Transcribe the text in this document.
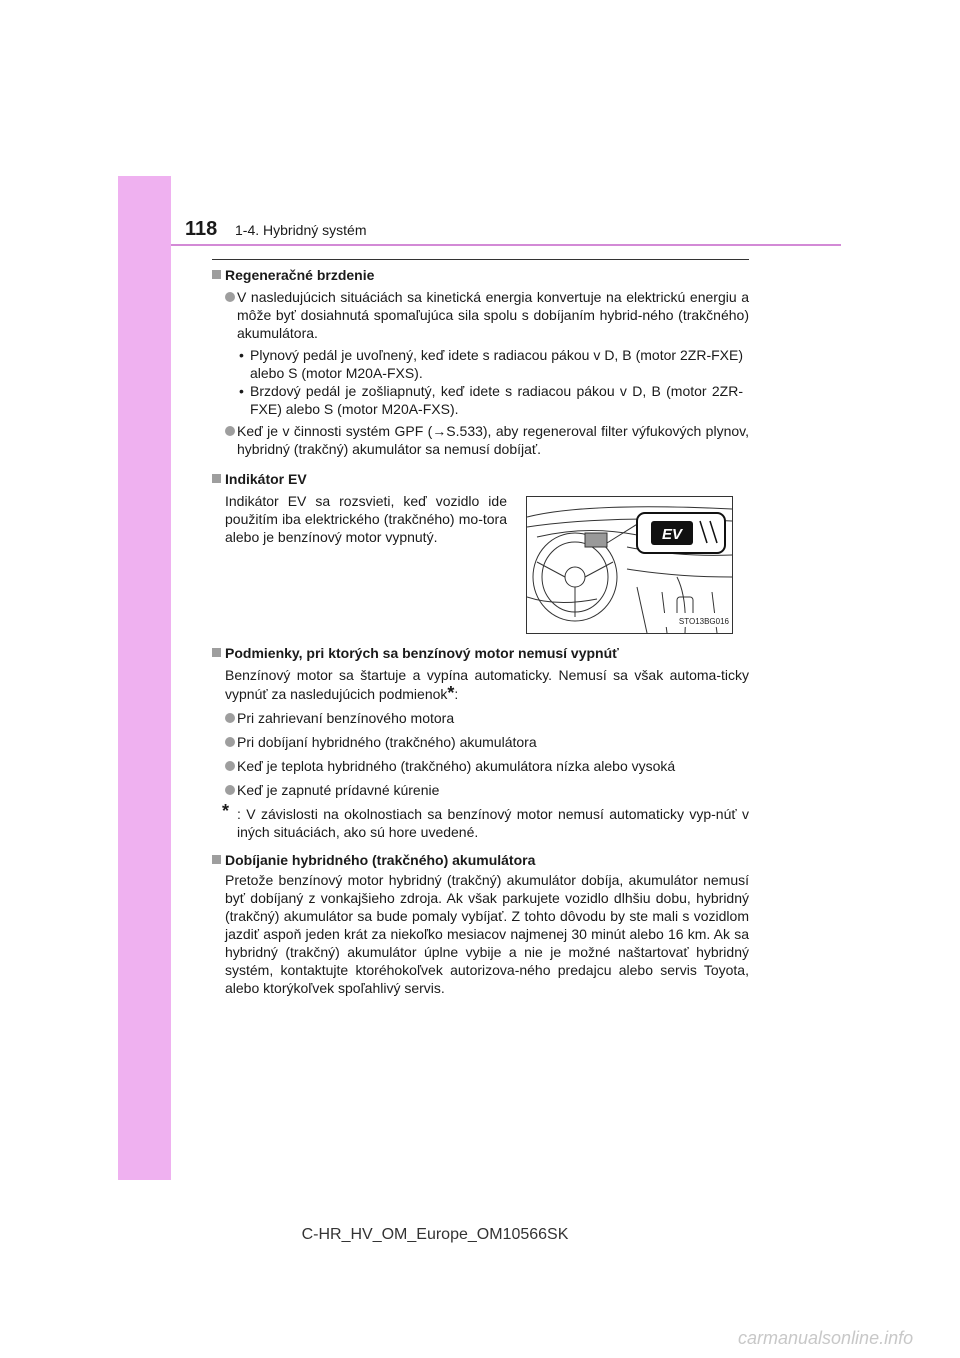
118 1-4. Hybridný systém
Regeneračné brzdenie
V nasledujúcich situáciách sa kinetická energia konvertuje na elektrickú energiu a môže byť dosiahnutá spomaľujúca sila spolu s dobíjaním hybrid-ného (trakčného) akumulátora.
• Plynový pedál je uvoľnený, keď idete s radiacou pákou v D, B (motor 2ZR-FXE) alebo S (motor M20A-FXS).
• Brzdový pedál je zošliapnutý, keď idete s radiacou pákou v D, B (motor 2ZR-FXE) alebo S (motor M20A-FXS).
Keď je v činnosti systém GPF (→S.533), aby regeneroval filter výfukových plynov, hybridný (trakčný) akumulátor sa nemusí dobíjať.
Indikátor EV
Indikátor EV sa rozsvieti, keď vozidlo ide použitím iba elektrického (trakčného) mo-tora alebo je benzínový motor vypnutý.	EV
STO13BG016
Podmienky, pri ktorých sa benzínový motor nemusí vypnúť
Benzínový motor sa štartuje a vypína automaticky. Nemusí sa však automa-ticky vypnúť za nasledujúcich podmienok*:
Pri zahrievaní benzínového motora
Pri dobíjaní hybridného (trakčného) akumulátora
Keď je teplota hybridného (trakčného) akumulátora nízka alebo vysoká
Keď je zapnuté prídavné kúrenie
* : V závislosti na okolnostiach sa benzínový motor nemusí automaticky vyp-núť v iných situáciách, ako sú hore uvedené.
Dobíjanie hybridného (trakčného) akumulátora
Pretože benzínový motor hybridný (trakčný) akumulátor dobíja, akumulátor nemusí byť dobíjaný z vonkajšieho zdroja. Ak však parkujete vozidlo dlhšiu dobu, hybridný (trakčný) akumulátor sa bude pomaly vybíjať. Z tohto dôvodu by ste mali s vozidlom jazdiť aspoň jeden krát za niekoľko mesiacov najmenej 30 minút alebo 16 km. Ak sa hybridný (trakčný) akumulátor úplne vybije a nie je možné naštartovať hybridný systém, kontaktujte ktoréhokoľvek autorizova-ného predajcu alebo servis Toyota, alebo ktorýkoľvek spoľahlivý servis.
C-HR_HV_OM_Europe_OM10566SK
carmanualsonline.info
